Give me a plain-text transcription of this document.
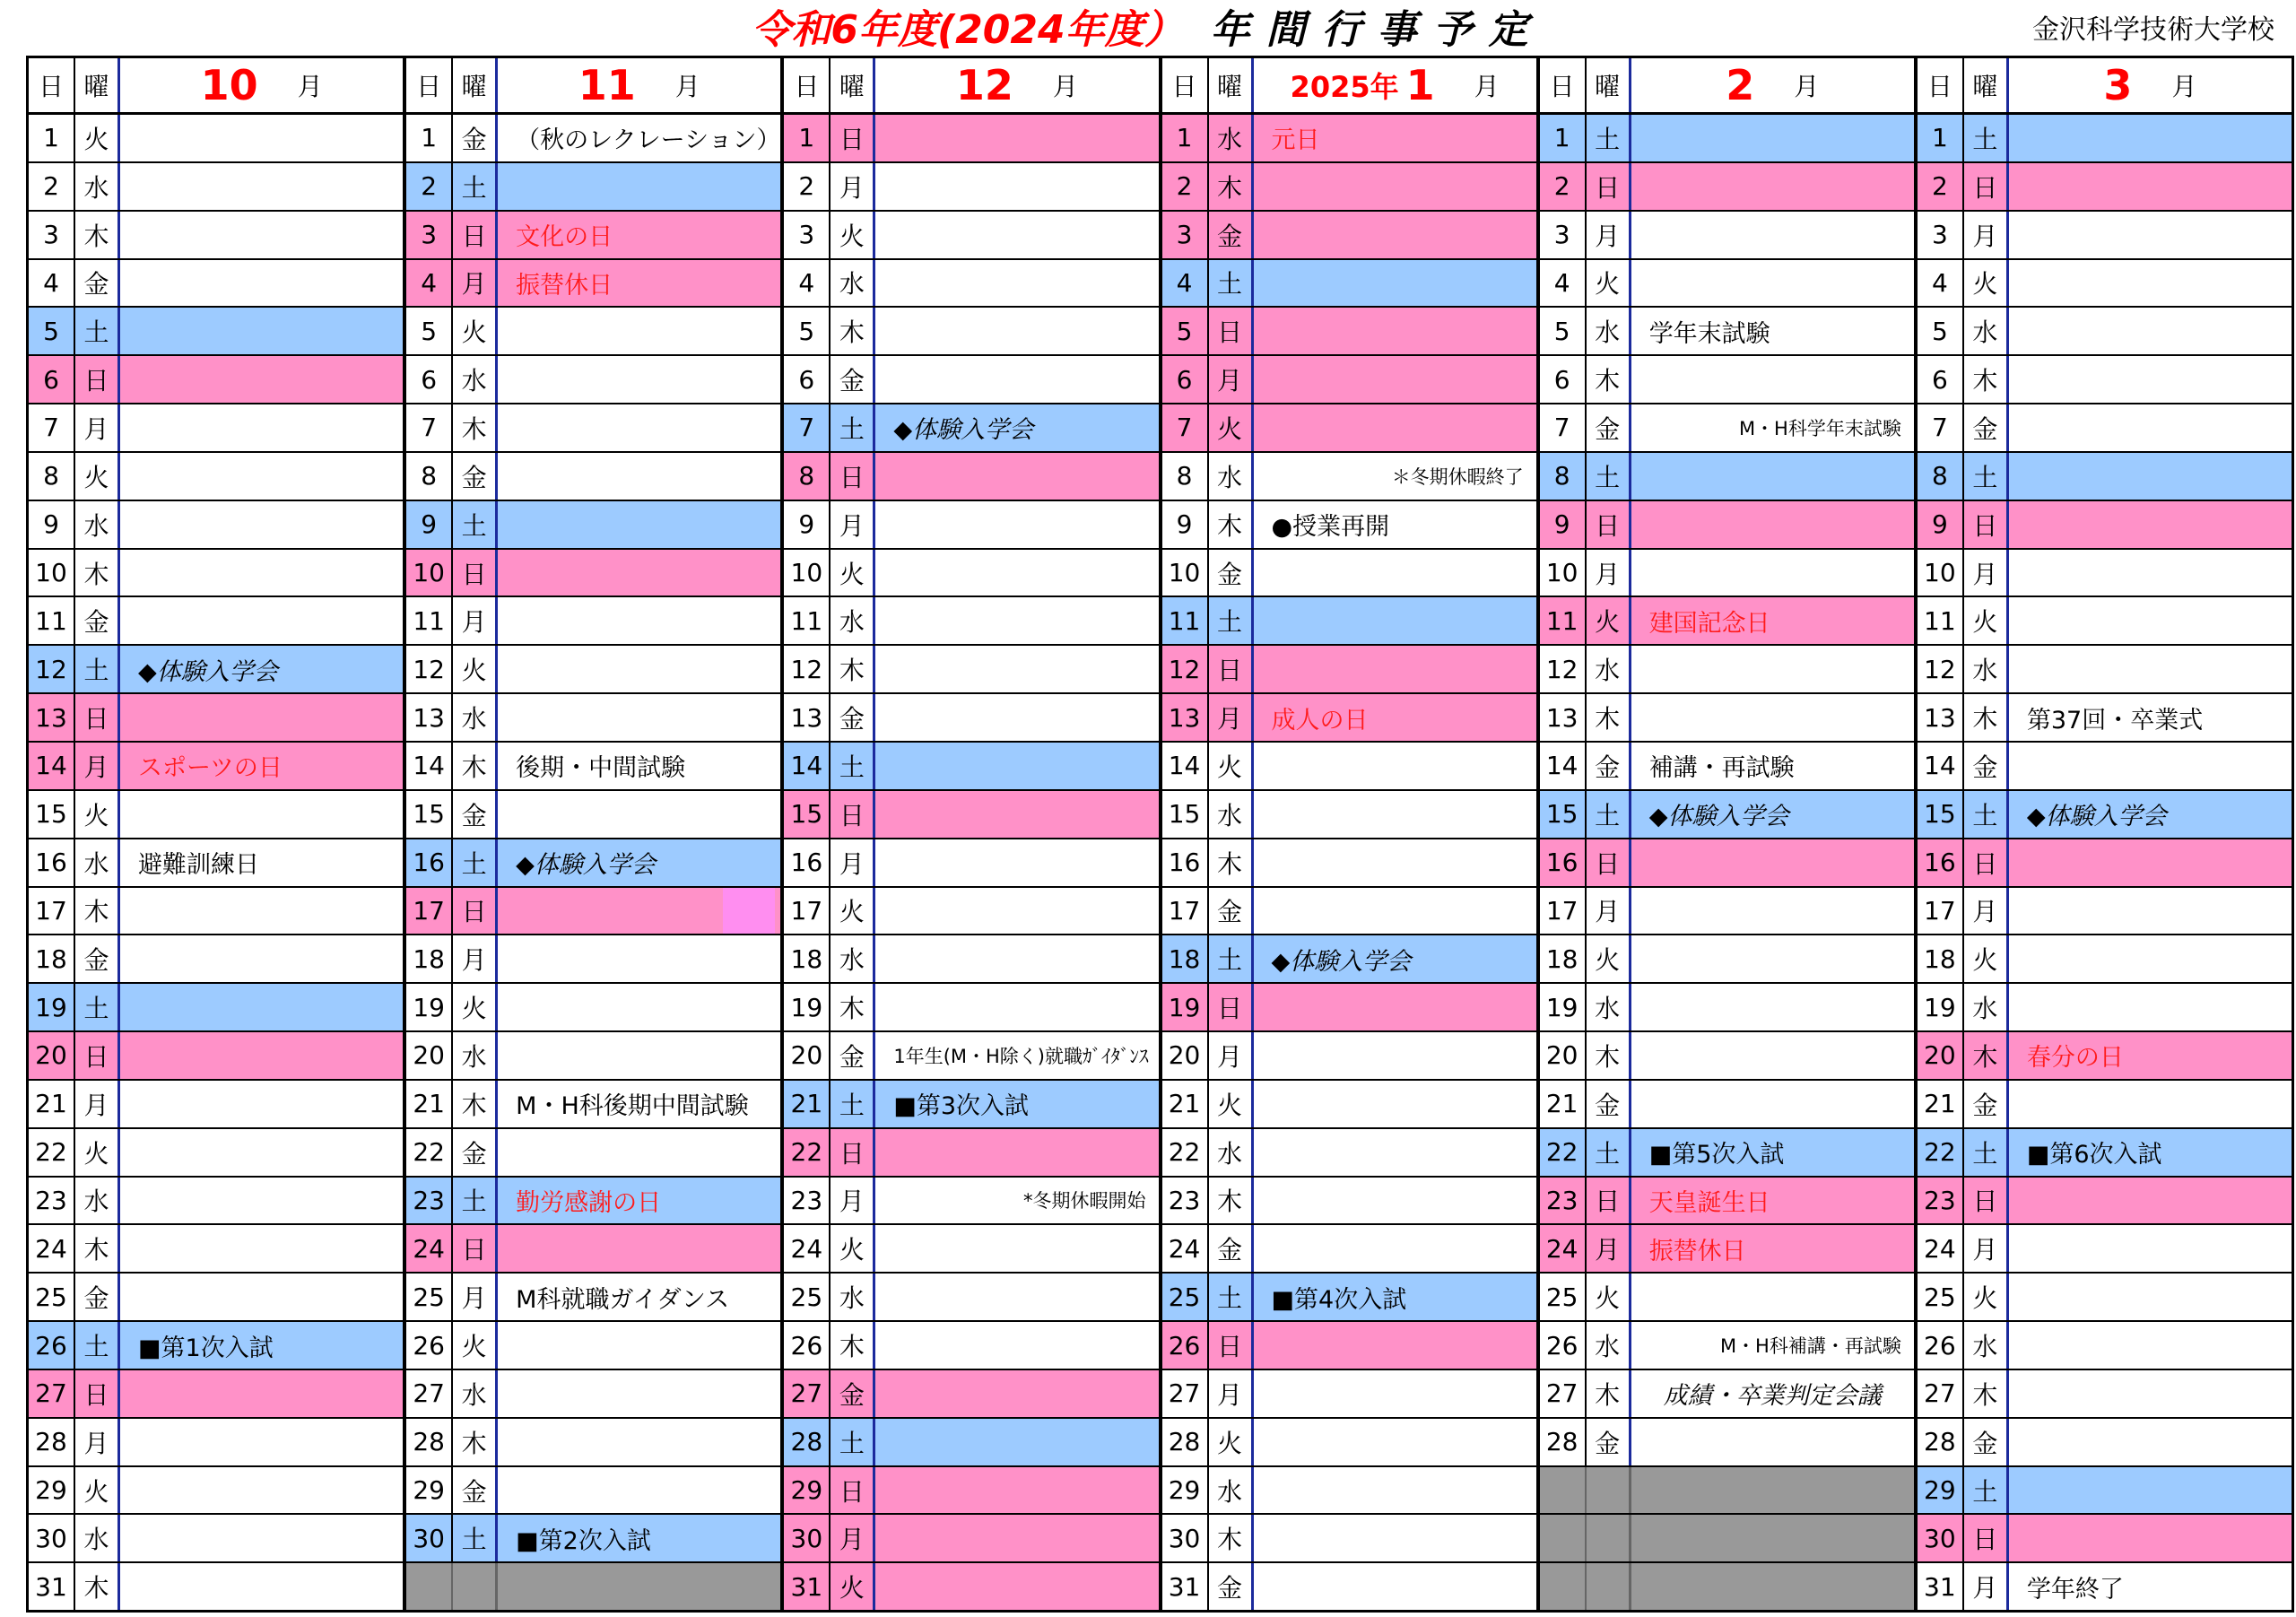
令和6年度(2024年度） 年間行事予定	金沢科学技術大学校
日 曜 10 月
1 火
2 水
3 木
4 金
5 土
6 日
7 月
8 火
9 水
10 木
11 金
12 土	◆体験入学会
13 日
14 月	スポーツの日
15 火
16 水	避難訓練日
17 木
18 金
19 土
20 日
21 月
22 火
23 水
24 木
25 金
26 土	■第1次入試
27 日
28 月
29 火
30 水
31 木
日 曜 11 月
1 金	（秋のレクレーション）
2 土
3 日	文化の日
4 月	振替休日
5 火
6 水
7 木
8 金
9 土
10 日
11 月
12 火
13 水
14 木	後期・中間試験
15 金
16 土	◆体験入学会
17 日
18 月
19 火
20 水
21 木	M・H科後期中間試験
22 金
23 土	勤労感謝の日
24 日
25 月	M科就職ガイダンス
26 火
27 水
28 木
29 金
30 土	■第2次入試
日 曜 12 月
1 日
2 月
3 火
4 水
5 木
6 金
7 土	◆体験入学会
8 日
9 月
10 火
11 水
12 木
13 金
14 土
15 日
16 月
17 火
18 水
19 木
20 金	1年生(M・H除く)就職ｶﾞｲﾀﾞﾝｽ
21 土	■第3次入試
22 日
23 月	*冬期休暇開始
24 火
25 水
26 木
27 金
28 土
29 日
30 月
31 火
日 曜	2025年 1 月
1 水	元日
2 木
3 金
4 土
5 日
6 月
7 火
8 水	＊冬期休暇終了
9 木	●授業再開
10 金
11 土
12 日
13 月	成人の日
14 火
15 水
16 木
17 金
18 土	◆体験入学会
19 日
20 月
21 火
22 水
23 木
24 金
25 土	■第4次入試
26 日
27 月
28 火
29 水
30 木
31 金
日 曜	2 月
1 土
2 日
3 月
4 火
5 水	学年末試験
6 木
7 金	M・H科学年末試験
8 土
9 日
10 月
11 火	建国記念日
12 水
13 木
14 金	補講・再試験
15 土	◆体験入学会
16 日
17 月
18 火
19 水
20 木
21 金
22 土	■第5次入試
23 日	天皇誕生日
24 月	振替休日
25 火
26 水	M・H科補講・再試験
27 木	成績・卒業判定会議
28 金
日 曜	3 月
1 土
2 日
3 月
4 火
5 水
6 木
7 金
8 土
9 日
10 月
11 火
12 水
13 木	第37回・卒業式
14 金
15 土	◆体験入学会
16 日
17 月
18 火
19 水
20 木	春分の日
21 金
22 土	■第6次入試
23 日
24 月
25 火
26 水
27 木
28 金
29 土
30 日
31 月	学年終了
